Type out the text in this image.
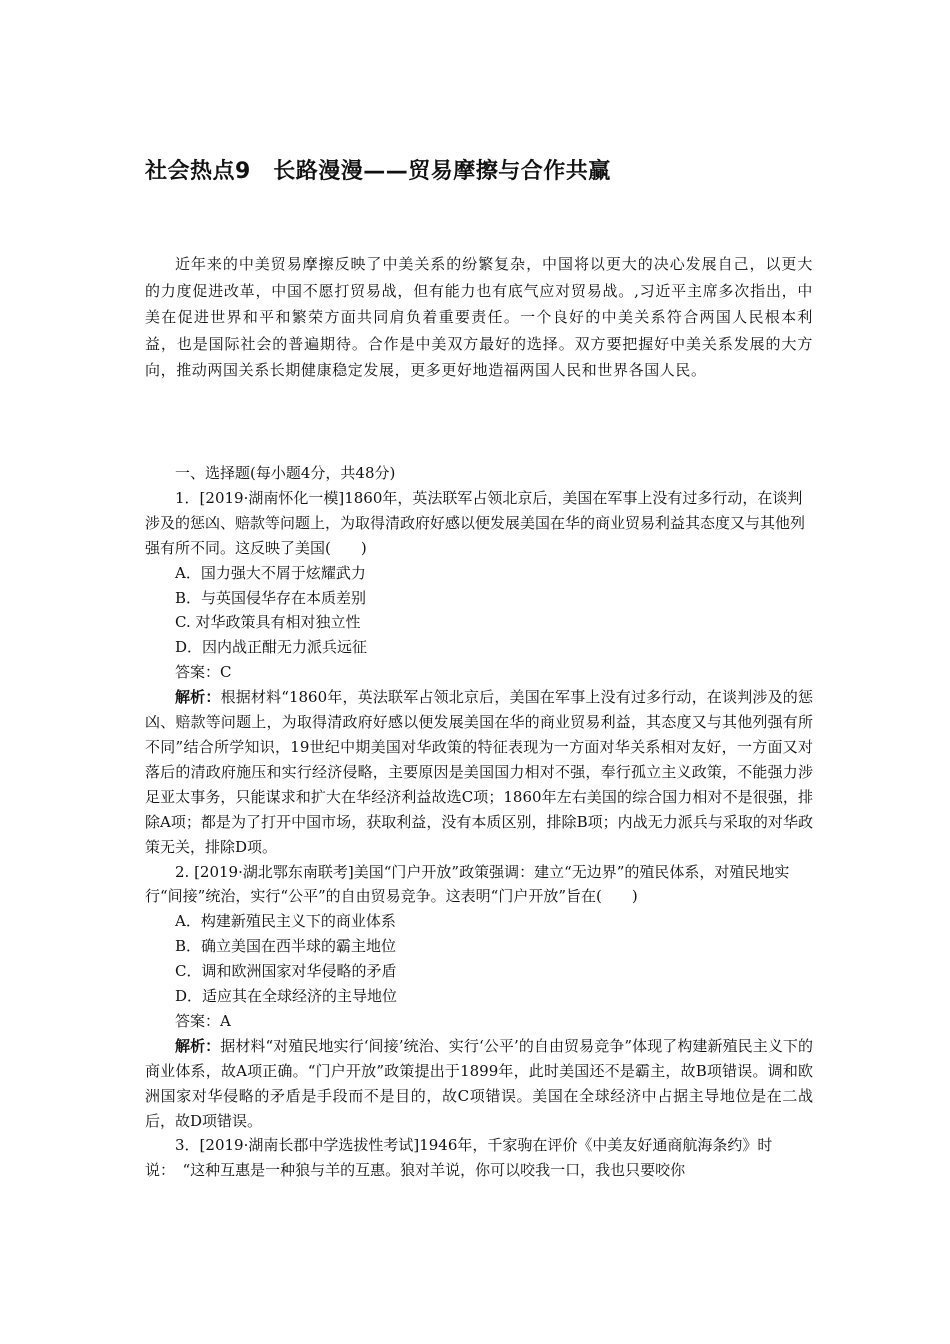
社会热点9　长路漫漫——贸易摩擦与合作共赢

近年来的中美贸易摩擦反映了中美关系的纷繁复杂，中国将以更大的决心发展自己，以更大的力度促进改革，中国不愿打贸易战，但有能力也有底气应对贸易战。,习近平主席多次指出，中美在促进世界和平和繁荣方面共同肩负着重要责任。一个良好的中美关系符合两国人民根本利益，也是国际社会的普遍期待。合作是中美双方最好的选择。双方要把握好中美关系发展的大方向，推动两国关系长期健康稳定发展，更多更好地造福两国人民和世界各国人民。

一、选择题(每小题4分，共48分)

1．[2019·湖南怀化一模]1860年，英法联军占领北京后，美国在军事上没有过多行动，在谈判涉及的惩凶、赔款等问题上，为取得清政府好感以便发展美国在华的商业贸易利益其态度又与其他列强有所不同。这反映了美国(　　)

A．国力强大不屑于炫耀武力

B．与英国侵华存在本质差别

C. 对华政策具有相对独立性

D．因内战正酣无力派兵远征

答案：C

解析：根据材料“1860年，英法联军占领北京后，美国在军事上没有过多行动，在谈判涉及的惩凶、赔款等问题上，为取得清政府好感以便发展美国在华的商业贸易利益，其态度又与其他列强有所不同”结合所学知识，19世纪中期美国对华政策的特征表现为一方面对华关系相对友好，一方面又对落后的清政府施压和实行经济侵略，主要原因是美国国力相对不强，奉行孤立主义政策，不能强力涉足亚太事务，只能谋求和扩大在华经济利益故选C项；1860年左右美国的综合国力相对不是很强，排除A项；都是为了打开中国市场，获取利益，没有本质区别，排除B项；内战无力派兵与采取的对华政策无关，排除D项。

2. [2019·湖北鄂东南联考]美国“门户开放”政策强调：建立“无边界”的殖民体系，对殖民地实行“间接”统治，实行“公平”的自由贸易竞争。这表明“门户开放”旨在(　　)

A．构建新殖民主义下的商业体系

B．确立美国在西半球的霸主地位

C．调和欧洲国家对华侵略的矛盾

D．适应其在全球经济的主导地位

答案：A

解析：据材料“对殖民地实行‘间接’统治、实行‘公平’的自由贸易竞争”体现了构建新殖民主义下的商业体系，故A项正确。“门户开放”政策提出于1899年，此时美国还不是霸主，故B项错误。调和欧洲国家对华侵略的矛盾是手段而不是目的，故C项错误。美国在全球经济中占据主导地位是在二战后，故D项错误。

3．[2019·湖南长郡中学选拔性考试]1946年，千家驹在评价《中美友好通商航海条约》时说：　“这种互惠是一种狼与羊的互惠。狼对羊说，你可以咬我一口，我也只要咬你
